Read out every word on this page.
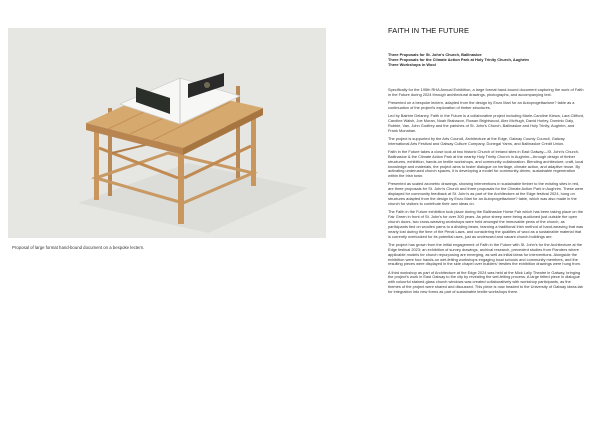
Proposal of large format hand-bound document on a bespoke lectern.
FAITH IN THE FUTURE
Three Proposals for St. John's Church, Ballinasloe
Three Proposals for the Climate Action Park at Holy Trinity Church, Aughrim
Three Workshops in Wool

Specifically for the 195th RHA Annual Exhibition, a large format hand-bound document capturing the work of Faith in the Future during 2024 through architectural drawings, photographs, and accompanying text.

Presented on a bespoke lectern, adapted from the design by Enzo Mari for an Autoprogettazione? table as a continuation of the project's exploration of timber structures.

Led by Bairbre Delaney, Faith in the Future is a collaborative project including Marie-Caroline Kiewa, Lara Clifford, Caroline Walsh, Joe Moran, Noah Brabazon, Rowan Brightwood, Alex McHugh, David Hurley, Dominic Daly, Robbie, Van, John Godfrey and the parishes of St. John's Church, Ballinasloe and Holy Trinity, Aughrim, and Frank Monahan.

The project is supported by the Arts Council, Architecture at the Edge, Galway County Council, Galway International Arts Festival and Galway Culture Company, Donegal Yarns, and Ballinasloe Credit Union.

Faith in the Future takes a close look at two historic Church of Ireland sites in East Galway—St. John's Church, Ballinasloe & the Climate Action Park at the nearby Holy Trinity Church in Aughrim—through design of timber structures, exhibition, hands-on textile workshops, and community collaboration. Blending architecture, craft, local knowledge and materials, the project aims to foster dialogue on heritage, climate action, and adaptive reuse. By activating underused church spaces, it is developing a model for community-driven, sustainable regeneration within the Irish town.

Presented as scaled axonetric drawings, showing interventions in sustainable timber to the existing sites in red, are three proposals for St. John's Church and three proposals for the Climate Action Park in Aughrim. These were displayed for community feedback at St. John's as part of the Architecture at the Edge festival 2024, hung on structures adapted from the design by Enzo Mari for an Autoprogettazione? table, which was also made in the church for visitors to contribute their own ideas on.

The Faith in the Future exhibition took place during the Ballinasloe Horse Fair which has been taking place on the Fair Green in front of St. John's for over 300 years. As price sheep were being auctioned just outside the open church doors, two cross-weaving workshops were held amongst the immovable pews of the church, as participants tied on woollen yarns to a dividing beam, learning a traditional Irish method of hand-weaving that was nearly lost during the time of the Penal Laws, and considering the qualities of wool as a sustainable material that is currently overlooked for its potential uses, just as underused and vacant church buildings are.

The project has grown from the initial engagement of Faith in the Future with St. John's for the Architecture at the Edge festival 2023; an exhibition of survey drawings, archival research, precedent studies from Flanders where applicable models for church repurposing are emerging, as well as initial ideas for interventions. Alongside the exhibition were four hands-on wet-felting workshops engaging local schools and community members, and the resulting pieces were displayed in the side chapel over builders' trestles the exhibition drawings were hung from.

A third workshop as part of Architecture at the Edge 2024 was held at the Mick Lally Theatre in Galway, bringing the project's work in East Galway to the city by revealing the wet-felting process. A large felted piece in dialogue with colourful stained-glass church windows was created collaboratively with workshop participants, as the themes of the project were shared and discussed. This piece is now headed to the University of Galway ideas.lab for integration into new forms as part of sustainable textile workshops there.
